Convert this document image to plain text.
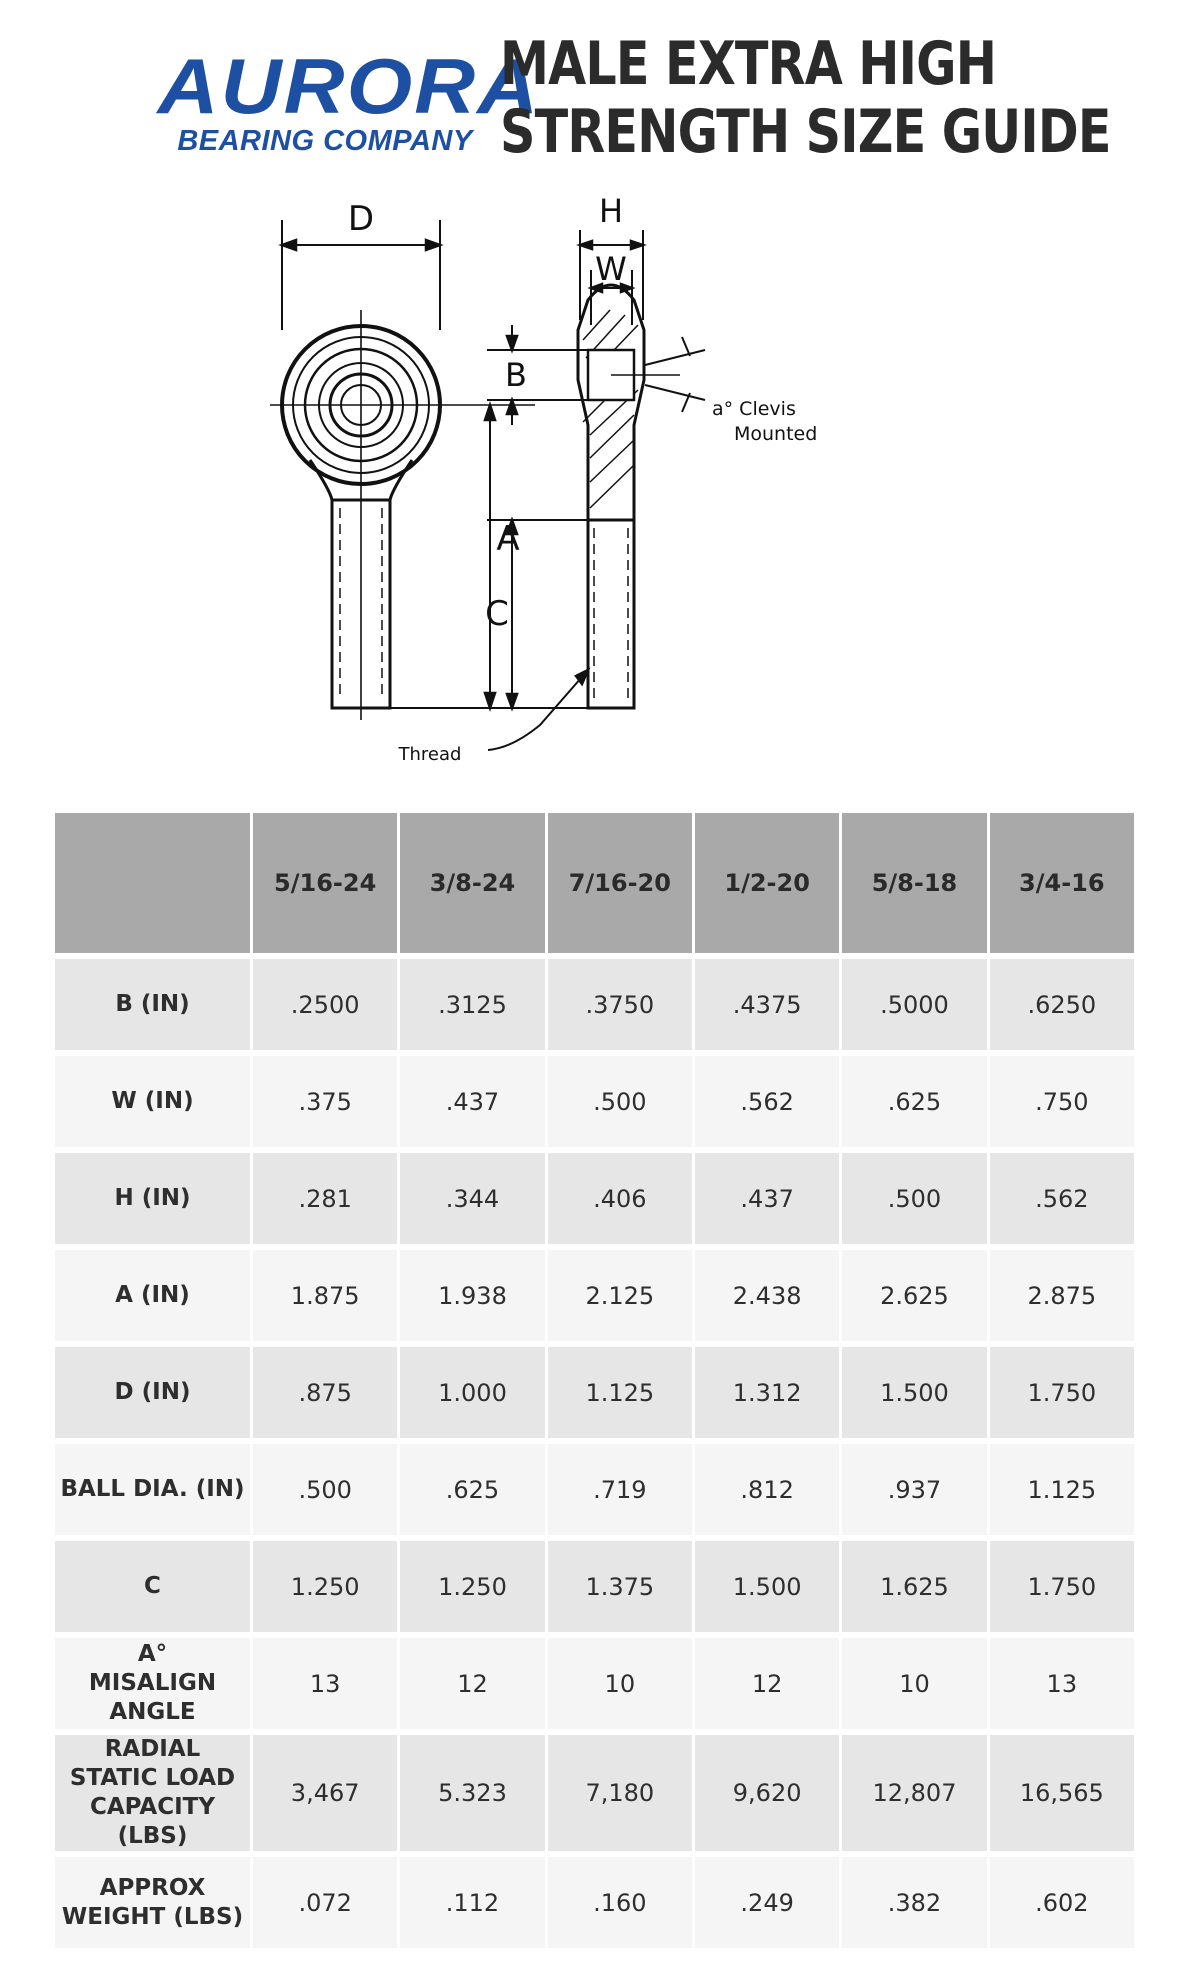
AURORA
BEARING COMPANY
MALE EXTRA HIGH
STRENGTH SIZE GUIDE
D
A
H
W
B
C
Thread
a° Clevis
Mounted
	5/16-24	3/8-24	7/16-20	1/2-20	5/8-18	3/4-16
B (IN)	.2500	.3125	.3750	.4375	.5000	.6250
W (IN)	.375	.437	.500	.562	.625	.750
H (IN)	.281	.344	.406	.437	.500	.562
A (IN)	1.875	1.938	2.125	2.438	2.625	2.875
D (IN)	.875	1.000	1.125	1.312	1.500	1.750
BALL DIA. (IN)	.500	.625	.719	.812	.937	1.125
C	1.250	1.250	1.375	1.500	1.625	1.750

A°
MISALIGN
ANGLE	13	12	10	12	10	13

RADIAL
STATIC LOAD
CAPACITY (LBS)	3,467	5.323	7,180	9,620	12,807	16,565

APPROX
WEIGHT (LBS)	.072	.112	.160	.249	.382	.602
